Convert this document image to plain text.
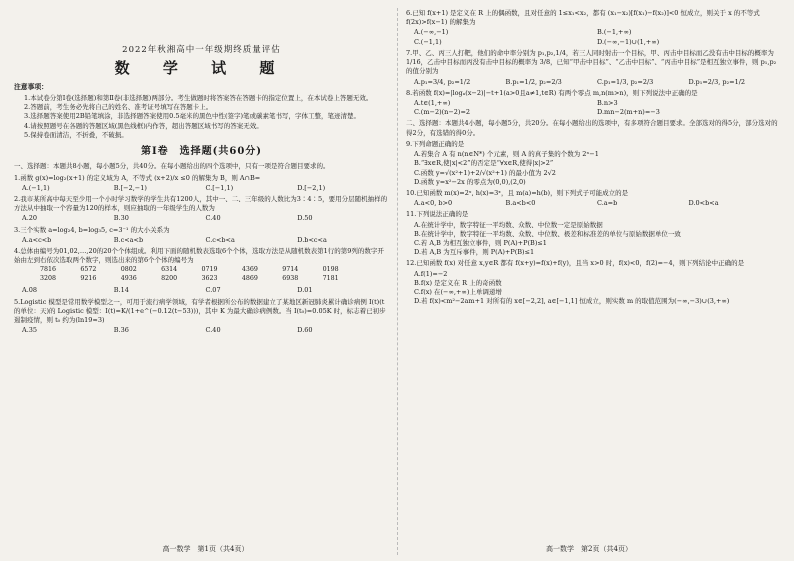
2022年秋湘高中一年级期终质量评估
数 学 试 题
注意事项：

1.本试卷分第Ⅰ卷(选择题)和第Ⅱ卷(非选择题)两部分。考生做题时将答案答在答题卡的指定位置上，在本试卷上答题无效。

2.答题前，考生务必先将自己的姓名、准考证号填写在答题卡上。

3.选择题答案使用2B铅笔填涂，非选择题答案使用0.5毫米的黑色中性(签字)笔或碳素笔书写，字体工整，笔迹清楚。

4.请按照题号在各题的答题区域(黑色线框)内作答，超出答题区域书写的答案无效。

5.保持卷面清洁，不折叠，不破损。

第Ⅰ卷　选择题(共60分)
一、选择题：本题共8小题，每小题5分，共40分。在每小题给出的四个选项中，只有一项是符合题目要求的。
1.函数 g(x)=log₂(x+1) 的定义域为 A，不等式 (x+2)/x ≤0 的解集为 B，则 A∩B=
A.(−1,1)	B.[−2,−1)	C.[−1,1)	D.[−2,1)
2.我市某所高中每天至少用一个小时学习数学的学生共有1200人，其中一、二、三年级的人数比为3∶4∶5，要用分层随机抽样的方法从中抽取一个容量为120的样本，则应抽取的一年级学生的人数为
A.20	B.30	C.40	D.50
3.三个实数 a=log₂4, b=log₃5, c=3⁻¹ 的大小关系为
A.a<c<b	B.c<a<b	C.c<b<a	D.b<c<a
4.总体由编号为01,02,…,20的20个个体组成。利用下面的随机数表选取6个个体，选取方法是从随机数表第1行的第9列的数字开始由左到右依次选取两个数字，则选出来的第6个个体的编号为
7816	6572	0802	6314	0719	4369	9714	0198
3208	9216	4936	8200	3623	4869	6938	7181
A.08	B.14	C.07	D.01
5.Logistic 模型是常用数学模型之一，可用于流行病学领域，有学者根据所公布的数据建立了某地区新冠肺炎累计确诊病例 I(t)(t 的单位：天)的 Logistic 模型：I(t)=K/(1+e^(−0.12(t−53)))，其中 K 为最大确诊病例数。当 I(t₀)=0.05K 时，标志着已初步遏制疫情，则 t₀ 约为(ln19≈3)
A.35	B.36	C.40	D.60
高一数学　第1页（共4页）
6.已知 f(x+1) 是定义在 R 上的偶函数，且对任意的 1≤x₁<x₂，都有 (x₁−x₂)[f(x₁)−f(x₂)]<0 恒成立，则关于 x 的不等式 f(2x)>f(x−1) 的解集为
A.(−∞,−1)	B.(−1,+∞)
C.(−1,1)	D.(−∞,−1)∪(1,+∞)
7.甲、乙、丙三人打靶，他们的命中率分别为 p₁,p₂,1/4，若三人同时射击一个目标，甲、丙击中目标而乙没有击中目标的概率为 1/16，乙击中目标而丙没有击中目标的概率为 3/8，已知“甲击中目标”、“乙击中目标”、“丙击中目标”是相互独立事件，则 p₁,p₂ 的值分别为
A.p₁=3/4, p₂=1/2	B.p₁=1/2, p₂=2/3	C.p₁=1/3, p₂=2/3	D.p₁=2/3, p₂=1/2
8.若函数 f(x)=|logₐ(x−2)|−t+1(a>0且a≠1,t∈R) 有两个零点 m,n(m>n)，则下列说法中正确的是
A.t∈(1,+∞)	B.n>3
C.(m−2)(n−2)=2	D.mn−2(m+n)=−3
二、选择题：本题共4小题，每小题5分，共20分。在每小题给出的选项中，有多项符合题目要求。全部选对的得5分，部分选对的得2分，有选错的得0分。
9.下列命题正确的是
A.若集合 A 有 n(n∈N*) 个元素，则 A 的真子集的个数为 2ⁿ−1
B.“∃x∈R,使|x|<2”的否定是“∀x∈R,使得|x|>2”
C.函数 y=√(x²+1)+2/√(x²+1) 的最小值为 2√2
D.函数 y=x²−2x 的零点为(0,0),(2,0)
10.已知函数 m(x)=2ˣ, h(x)=3ˣ，且 m(a)=h(b)，则下列式子可能成立的是
A.a<0, b>0	B.a<b<0	C.a=b	D.0<b<a
11.下列说法正确的是
A.在统计学中，数字特征一平均数、众数、中位数一定是原始数据
B.在统计学中，数字特征一平均数、众数、中位数、极差和标准差的单位与原始数据单位一致
C.若 A,B 为相互独立事件，则 P(A)+P(B)≤1
D.若 A,B 为互斥事件，则 P(A)+P(B)≤1
12.已知函数 f(x) 对任意 x,y∈R 都有 f(x+y)=f(x)+f(y)，且当 x>0 时，f(x)<0，f(2)=−4，则下列结论中正确的是
A.f(1)=−2
B.f(x) 是定义在 R 上的奇函数
C.f(x) 在(−∞,+∞)上单调递增
D.若 f(x)<m²−2am+1 对所有的 x∈[−2,2], a∈[−1,1] 恒成立，则实数 m 的取值范围为(−∞,−3)∪(3,+∞)
高一数学　第2页（共4页）
